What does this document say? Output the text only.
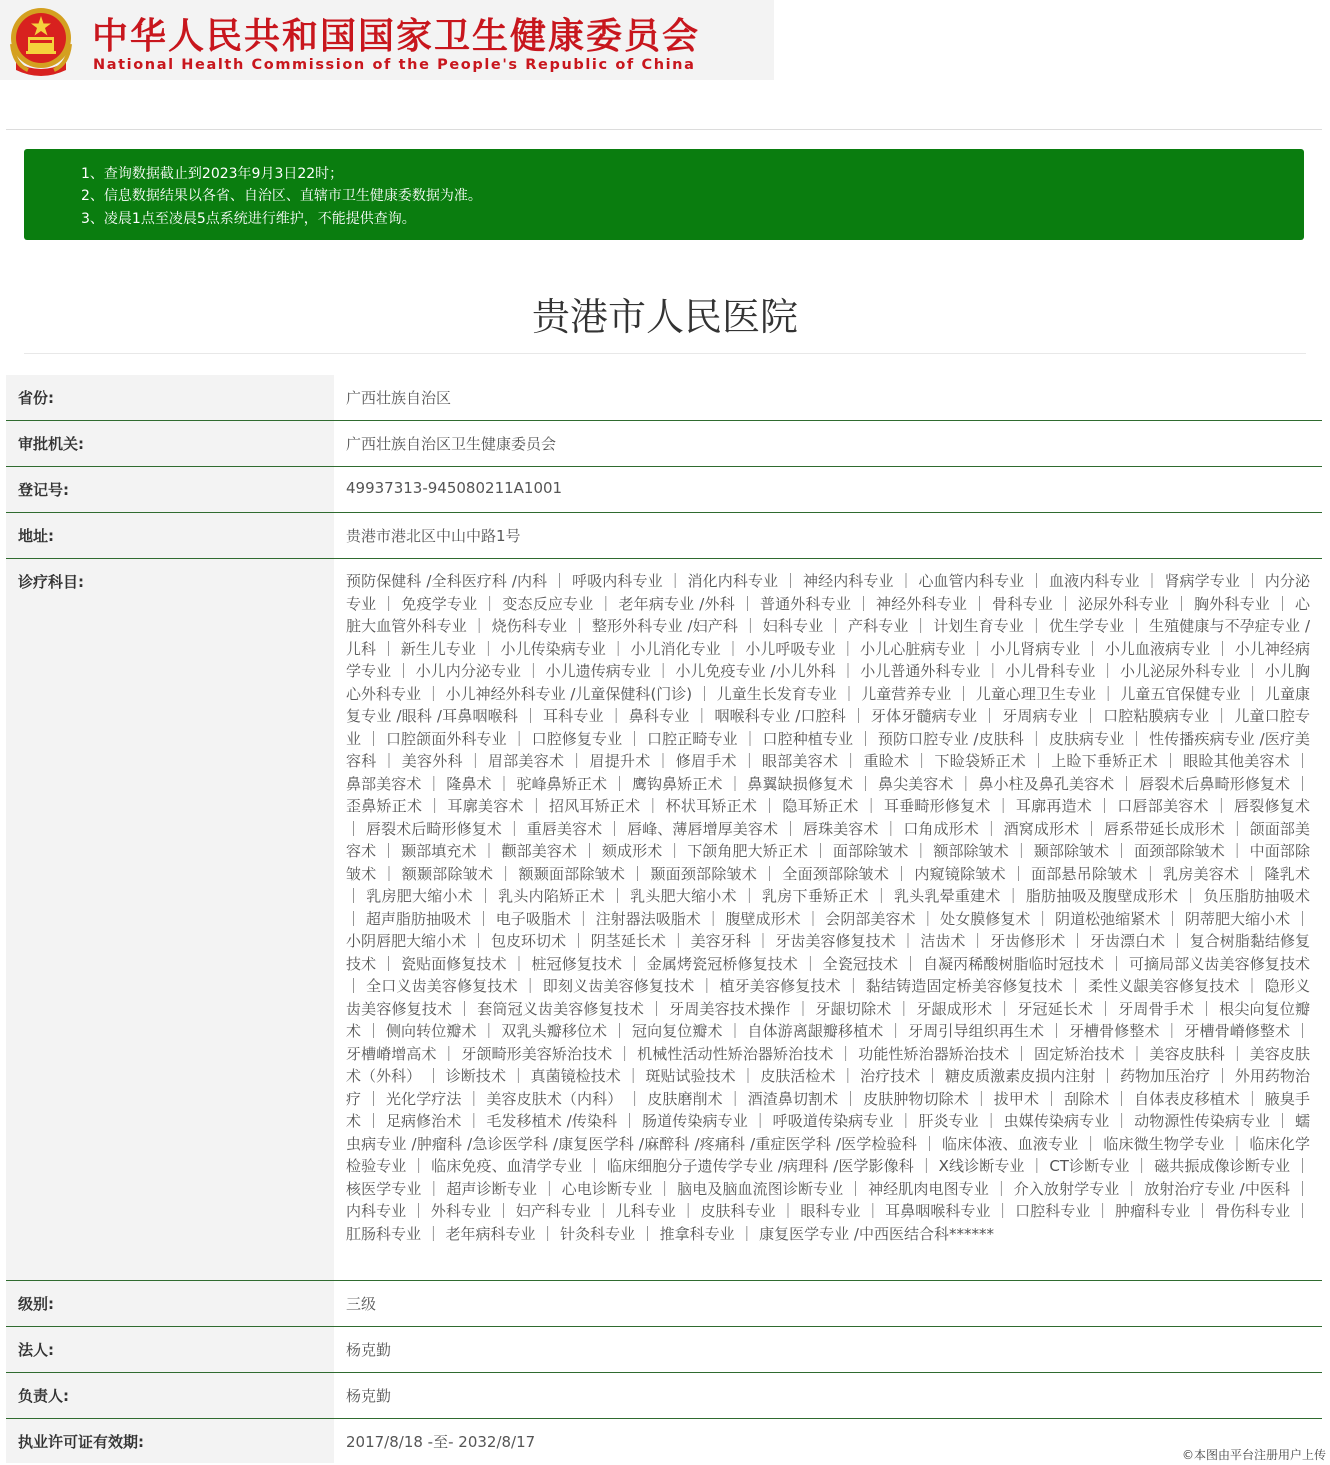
中华人民共和国国家卫生健康委员会
National Health Commission of the People's Republic of China
1、查询数据截止到2023年9月3日22时；
2、信息数据结果以各省、自治区、直辖市卫生健康委数据为准。
3、凌晨1点至凌晨5点系统进行维护，不能提供查询。
贵港市人民医院
省份:	广西壮族自治区
审批机关:	广西壮族自治区卫生健康委员会
登记号:	49937313-945080211A1001
地址:	贵港市港北区中山中路1号
诊疗科目:	预防保健科 /全科医疗科 /内科 ｜ 呼吸内科专业 ｜ 消化内科专业 ｜ 神经内科专业 ｜ 心血管内科专业 ｜ 血液内科专业 ｜ 肾病学专业 ｜ 内分泌专业 ｜ 免疫学专业 ｜ 变态反应专业 ｜ 老年病专业 /外科 ｜ 普通外科专业 ｜ 神经外科专业 ｜ 骨科专业 ｜ 泌尿外科专业 ｜ 胸外科专业 ｜ 心脏大血管外科专业 ｜ 烧伤科专业 ｜ 整形外科专业 /妇产科 ｜ 妇科专业 ｜ 产科专业 ｜ 计划生育专业 ｜ 优生学专业 ｜ 生殖健康与不孕症专业 /儿科 ｜ 新生儿专业 ｜ 小儿传染病专业 ｜ 小儿消化专业 ｜ 小儿呼吸专业 ｜ 小儿心脏病专业 ｜ 小儿肾病专业 ｜ 小儿血液病专业 ｜ 小儿神经病学专业 ｜ 小儿内分泌专业 ｜ 小儿遗传病专业 ｜ 小儿免疫专业 /小儿外科 ｜ 小儿普通外科专业 ｜ 小儿骨科专业 ｜ 小儿泌尿外科专业 ｜ 小儿胸心外科专业 ｜ 小儿神经外科专业 /儿童保健科(门诊) ｜ 儿童生长发育专业 ｜ 儿童营养专业 ｜ 儿童心理卫生专业 ｜ 儿童五官保健专业 ｜ 儿童康复专业 /眼科 /耳鼻咽喉科 ｜ 耳科专业 ｜ 鼻科专业 ｜ 咽喉科专业 /口腔科 ｜ 牙体牙髓病专业 ｜ 牙周病专业 ｜ 口腔粘膜病专业 ｜ 儿童口腔专业 ｜ 口腔颌面外科专业 ｜ 口腔修复专业 ｜ 口腔正畸专业 ｜ 口腔种植专业 ｜ 预防口腔专业 /皮肤科 ｜ 皮肤病专业 ｜ 性传播疾病专业 /医疗美容科 ｜ 美容外科 ｜ 眉部美容术 ｜ 眉提升术 ｜ 修眉手术 ｜ 眼部美容术 ｜ 重睑术 ｜ 下睑袋矫正术 ｜ 上睑下垂矫正术 ｜ 眼睑其他美容术 ｜ 鼻部美容术 ｜ 隆鼻术 ｜ 驼峰鼻矫正术 ｜ 鹰钩鼻矫正术 ｜ 鼻翼缺损修复术 ｜ 鼻尖美容术 ｜ 鼻小柱及鼻孔美容术 ｜ 唇裂术后鼻畸形修复术 ｜ 歪鼻矫正术 ｜ 耳廓美容术 ｜ 招风耳矫正术 ｜ 杯状耳矫正术 ｜ 隐耳矫正术 ｜ 耳垂畸形修复术 ｜ 耳廓再造术 ｜ 口唇部美容术 ｜ 唇裂修复术 ｜ 唇裂术后畸形修复术 ｜ 重唇美容术 ｜ 唇峰、薄唇增厚美容术 ｜ 唇珠美容术 ｜ 口角成形术 ｜ 酒窝成形术 ｜ 唇系带延长成形术 ｜ 颌面部美容术 ｜ 颞部填充术 ｜ 颧部美容术 ｜ 颏成形术 ｜ 下颌角肥大矫正术 ｜ 面部除皱术 ｜ 额部除皱术 ｜ 颞部除皱术 ｜ 面颈部除皱术 ｜ 中面部除皱术 ｜ 额颞部除皱术 ｜ 额颞面部除皱术 ｜ 颞面颈部除皱术 ｜ 全面颈部除皱术 ｜ 内窥镜除皱术 ｜ 面部悬吊除皱术 ｜ 乳房美容术 ｜ 隆乳术 ｜ 乳房肥大缩小术 ｜ 乳头内陷矫正术 ｜ 乳头肥大缩小术 ｜ 乳房下垂矫正术 ｜ 乳头乳晕重建术 ｜ 脂肪抽吸及腹壁成形术 ｜ 负压脂肪抽吸术 ｜ 超声脂肪抽吸术 ｜ 电子吸脂术 ｜ 注射器法吸脂术 ｜ 腹壁成形术 ｜ 会阴部美容术 ｜ 处女膜修复术 ｜ 阴道松弛缩紧术 ｜ 阴蒂肥大缩小术 ｜ 小阴唇肥大缩小术 ｜ 包皮环切术 ｜ 阴茎延长术 ｜ 美容牙科 ｜ 牙齿美容修复技术 ｜ 洁齿术 ｜ 牙齿修形术 ｜ 牙齿漂白术 ｜ 复合树脂黏结修复技术 ｜ 瓷贴面修复技术 ｜ 桩冠修复技术 ｜ 金属烤瓷冠桥修复技术 ｜ 全瓷冠技术 ｜ 自凝丙稀酸树脂临时冠技术 ｜ 可摘局部义齿美容修复技术 ｜ 全口义齿美容修复技术 ｜ 即刻义齿美容修复技术 ｜ 植牙美容修复技术 ｜ 黏结铸造固定桥美容修复技术 ｜ 柔性义龈美容修复技术 ｜ 隐形义齿美容修复技术 ｜ 套筒冠义齿美容修复技术 ｜ 牙周美容技术操作 ｜ 牙龈切除术 ｜ 牙龈成形术 ｜ 牙冠延长术 ｜ 牙周骨手术 ｜ 根尖向复位瓣术 ｜ 侧向转位瓣术 ｜ 双乳头瓣移位术 ｜ 冠向复位瓣术 ｜ 自体游离龈瓣移植术 ｜ 牙周引导组织再生术 ｜ 牙槽骨修整术 ｜ 牙槽骨嵴修整术 ｜ 牙槽嵴增高术 ｜ 牙颌畸形美容矫治技术 ｜ 机械性活动性矫治器矫治技术 ｜ 功能性矫治器矫治技术 ｜ 固定矫治技术 ｜ 美容皮肤科 ｜ 美容皮肤术（外科） ｜ 诊断技术 ｜ 真菌镜检技术 ｜ 斑贴试验技术 ｜ 皮肤活检术 ｜ 治疗技术 ｜ 糖皮质激素皮损内注射 ｜ 药物加压治疗 ｜ 外用药物治疗 ｜ 光化学疗法 ｜ 美容皮肤术（内科） ｜ 皮肤磨削术 ｜ 酒渣鼻切割术 ｜ 皮肤肿物切除术 ｜ 拔甲术 ｜ 刮除术 ｜ 自体表皮移植术 ｜ 腋臭手术 ｜ 足病修治术 ｜ 毛发移植术 /传染科 ｜ 肠道传染病专业 ｜ 呼吸道传染病专业 ｜ 肝炎专业 ｜ 虫媒传染病专业 ｜ 动物源性传染病专业 ｜ 蠕虫病专业 /肿瘤科 /急诊医学科 /康复医学科 /麻醉科 /疼痛科 /重症医学科 /医学检验科 ｜ 临床体液、血液专业 ｜ 临床微生物学专业 ｜ 临床化学检验专业 ｜ 临床免疫、血清学专业 ｜ 临床细胞分子遗传学专业 /病理科 /医学影像科 ｜ X线诊断专业 ｜ CT诊断专业 ｜ 磁共振成像诊断专业 ｜ 核医学专业 ｜ 超声诊断专业 ｜ 心电诊断专业 ｜ 脑电及脑血流图诊断专业 ｜ 神经肌肉电图专业 ｜ 介入放射学专业 ｜ 放射治疗专业 /中医科 ｜ 内科专业 ｜ 外科专业 ｜ 妇产科专业 ｜ 儿科专业 ｜ 皮肤科专业 ｜ 眼科专业 ｜ 耳鼻咽喉科专业 ｜ 口腔科专业 ｜ 肿瘤科专业 ｜ 骨伤科专业 ｜ 肛肠科专业 ｜ 老年病科专业 ｜ 针灸科专业 ｜ 推拿科专业 ｜ 康复医学专业 /中西医结合科******
级别:	三级
法人:	杨克勤
负责人:	杨克勤
执业许可证有效期:	2017/8/18 -至- 2032/8/17
©本图由平台注册用户上传
